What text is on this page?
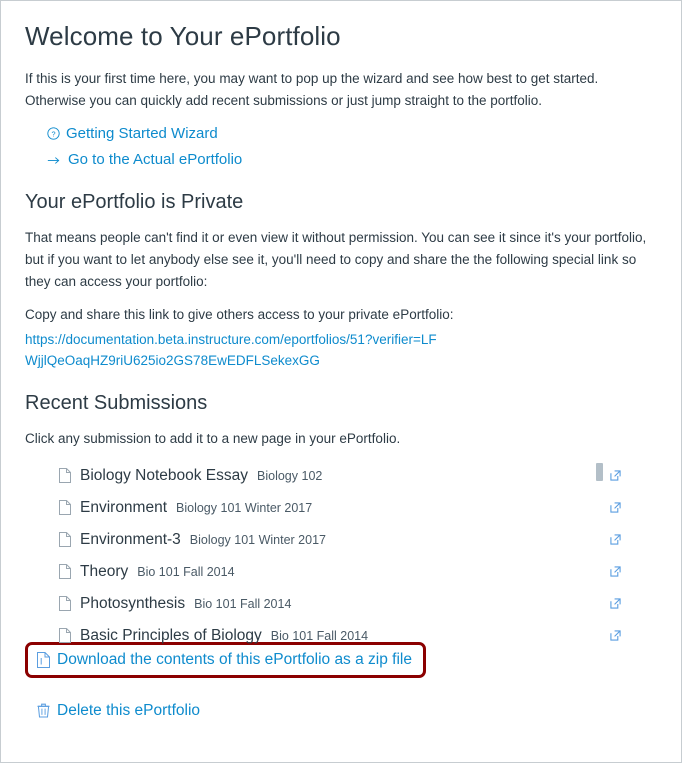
Welcome to Your ePortfolio

If this is your first time here, you may want to pop up the wizard and see how best to get started. Otherwise you can quickly add recent submissions or just jump straight to the portfolio.

? Getting Started Wizard
Go to the Actual ePortfolio
Your ePortfolio is Private

That means people can't find it or even view it without permission. You can see it since it's your portfolio, but if you want to let anybody else see it, you'll need to copy and share the the following special link so they can access your portfolio:

Copy and share this link to give others access to your private ePortfolio:

https://documentation.beta.instructure.com/eportfolios/51?verifier=LFWjjlQeOaqHZ9riU625io2GS78EwEDFLSekexGG
Recent Submissions

Click any submission to add it to a new page in your ePortfolio.

Biology Notebook Essay Biology 102
Environment Biology 101 Winter 2017
Environment-3 Biology 101 Winter 2017
Theory Bio 101 Fall 2014
Photosynthesis Bio 101 Fall 2014
Basic Principles of Biology Bio 101 Fall 2014
Download the contents of this ePortfolio as a zip file
Delete this ePortfolio
